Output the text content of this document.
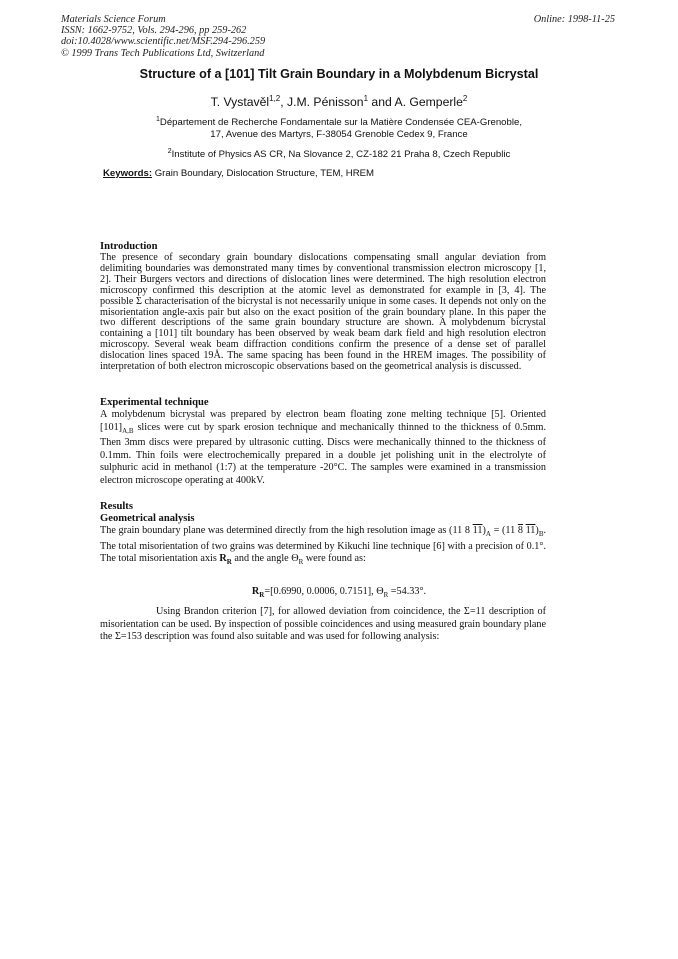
Materials Science Forum
ISSN: 1662-9752, Vols. 294-296, pp 259-262
doi:10.4028/www.scientific.net/MSF.294-296.259
© 1999 Trans Tech Publications Ltd, Switzerland
Online: 1998-11-25
Structure of a [101] Tilt Grain Boundary in a Molybdenum Bicrystal
T. Vystavěl$^{1,2}$, J.M. Pénisson$^1$ and A. Gemperle$^2$
$^1$Département de Recherche Fondamentale sur la Matière Condensée CEA-Grenoble,
17, Avenue des Martyrs, F-38054 Grenoble Cedex 9, France
$^2$Institute of Physics AS CR, Na Slovance 2, CZ-182 21 Praha 8, Czech Republic
Keywords: Grain Boundary, Dislocation Structure, TEM, HREM
Introduction

The presence of secondary grain boundary dislocations compensating small angular deviation from delimiting boundaries was demonstrated many times by conventional transmission electron microscopy [1, 2]. Their Burgers vectors and directions of dislocation lines were determined. The high resolution electron microscopy confirmed this description at the atomic level as demonstrated for example in [3, 4]. The possible Σ characterisation of the bicrystal is not necessarily unique in some cases. It depends not only on the misorientation angle-axis pair but also on the exact position of the grain boundary plane. In this paper the two different descriptions of the same grain boundary structure are shown. A molybdenum bicrystal containing a [101] tilt boundary has been observed by weak beam dark field and high resolution electron microscopy. Several weak beam diffraction conditions confirm the presence of a dense set of parallel dislocation lines spaced 19Å. The same spacing has been found in the HREM images. The possibility of interpretation of both electron microscopic observations based on the geometrical analysis is discussed.

Experimental technique

A molybdenum bicrystal was prepared by electron beam floating zone melting technique [5]. Oriented $[101]_{A,B}$ slices were cut by spark erosion technique and mechanically thinned to the thickness of 0.5mm. Then 3mm discs were prepared by ultrasonic cutting. Discs were mechanically thinned to the thickness of 0.1mm. Thin foils were electrochemically prepared in a double jet polishing unit in the electrolyte of sulphuric acid in methanol (1:7) at the temperature -20°C. The samples were examined in a transmission electron microscope operating at 400kV.

Results
Geometrical analysis

The grain boundary plane was determined directly from the high resolution image as (11 8 $11)_A = (11$ 8 $11)_B$. The total misorientation of two grains was determined by Kikuchi line technique [6] with a precision of 0.1°. The total misorientation axis $R_R$ and the angle $\Theta_R$ were found as:

$R_R=[0.6990$, 0.0006, 0.7151], $\Theta_R =54.33^\circ$.

Using Brandon criterion [7], for allowed deviation from coincidence, the Σ=11 description of misorientation can be used. By inspection of possible coincidences and using measured grain boundary plane the Σ=153 description was found also suitable and was used for following analysis:
